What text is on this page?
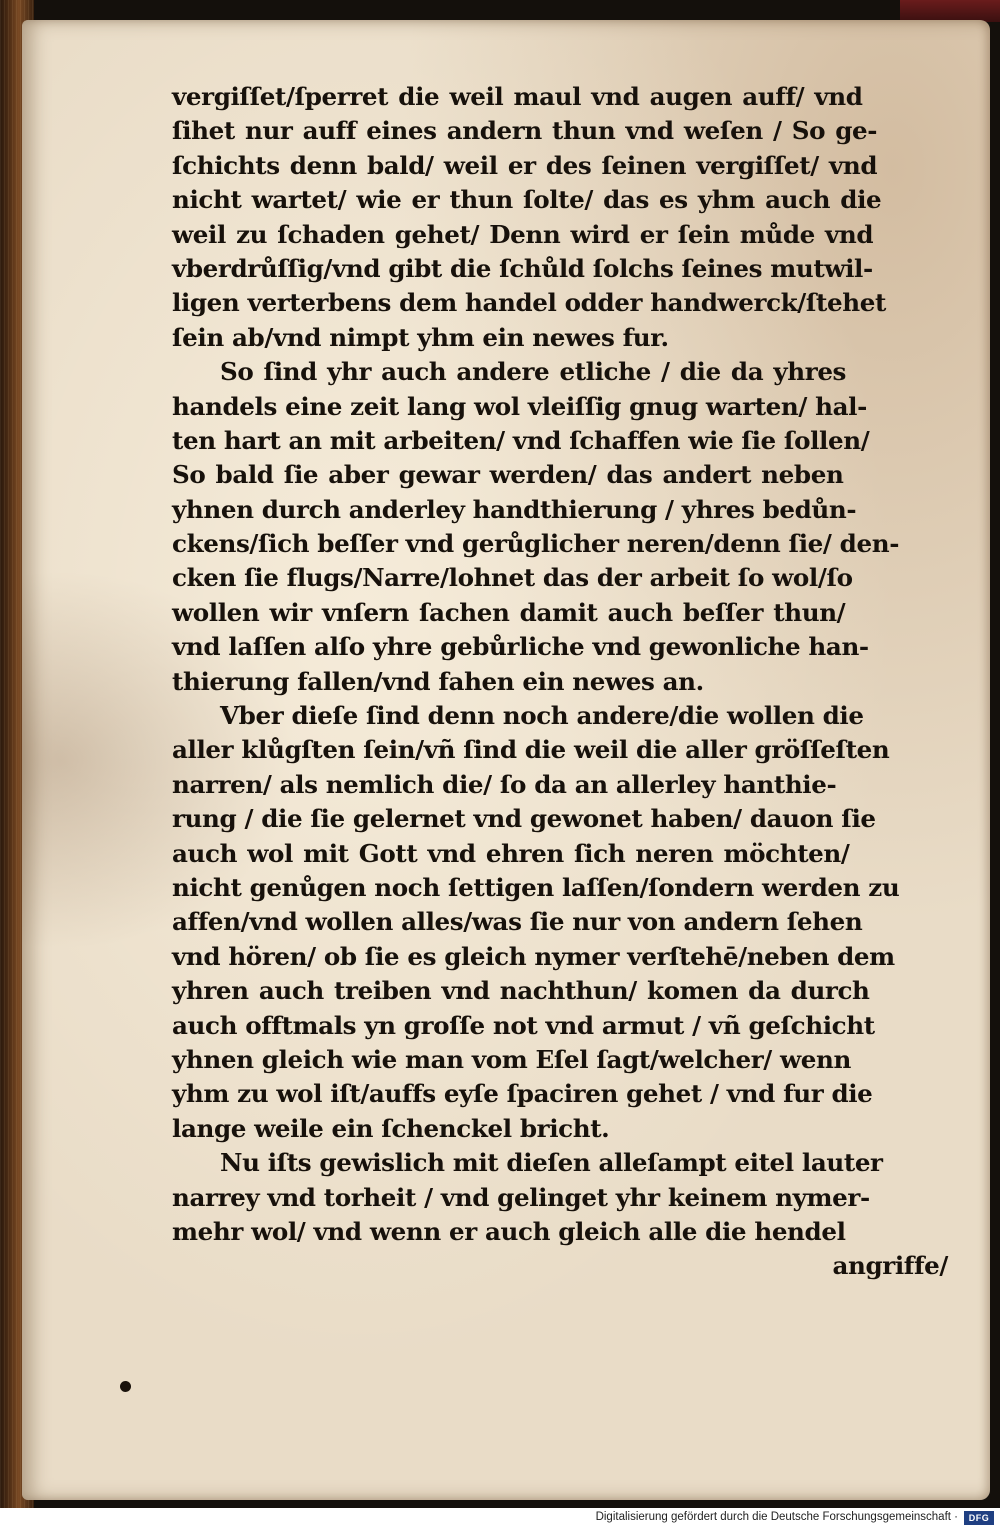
vergiſſet/ſperret die weil maul vnd augen auff/ vnd
ſihet nur auff eines andern thun vnd weſen / So ge-
ſchichts denn bald/ weil er des ſeinen vergiſſet/ vnd
nicht wartet/ wie er thun ſolte/ das es yhm auch die
weil zu ſchaden gehet/ Denn wird er ſein můde vnd
vberdrůſſig/vnd gibt die ſchůld ſolchs ſeines mutwil-
ligen verterbens dem handel odder handwerck/ſtehet
ſein ab/vnd nimpt yhm ein newes fur.
So ſind yhr auch andere etliche / die da yhres
handels eine zeit lang wol vleiſſig gnug warten/ hal-
ten hart an mit arbeiten/ vnd ſchaffen wie ſie ſollen/
So bald ſie aber gewar werden/ das andert neben
yhnen durch anderley handthierung / yhres bedůn-
ckens/ſich beſſer vnd gerůglicher neren/denn ſie/ den-
cken ſie flugs/Narre/lohnet das der arbeit ſo wol/ſo
wollen wir vnſern ſachen damit auch beſſer thun/
vnd laſſen alſo yhre gebůrliche vnd gewonliche han-
thierung fallen/vnd fahen ein newes an.
Vber dieſe ſind denn noch andere/die wollen die
aller klůgſten ſein/vñ ſind die weil die aller gröſſeſten
narren/ als nemlich die/ ſo da an allerley hanthie-
rung / die ſie gelernet vnd gewonet haben/ dauon ſie
auch wol mit Gott vnd ehren ſich neren möchten/
nicht genůgen noch ſettigen laſſen/ſondern werden zu
affen/vnd wollen alles/was ſie nur von andern ſehen
vnd hören/ ob ſie es gleich nymer verſtehē/neben dem
yhren auch treiben vnd nachthun/ komen da durch
auch offtmals yn groſſe not vnd armut / vñ geſchicht
yhnen gleich wie man vom Eſel ſagt/welcher/ wenn
yhm zu wol iſt/auffs eyſe ſpaciren gehet / vnd fur die
lange weile ein ſchenckel bricht.
Nu iſts gewislich mit dieſen alleſampt eitel lauter
narrey vnd torheit / vnd gelinget yhr keinem nymer-
mehr wol/ vnd wenn er auch gleich alle die hendel
angriffe/
Digitalisierung gefördert durch die Deutsche Forschungsgemeinschaft ·	DFG
